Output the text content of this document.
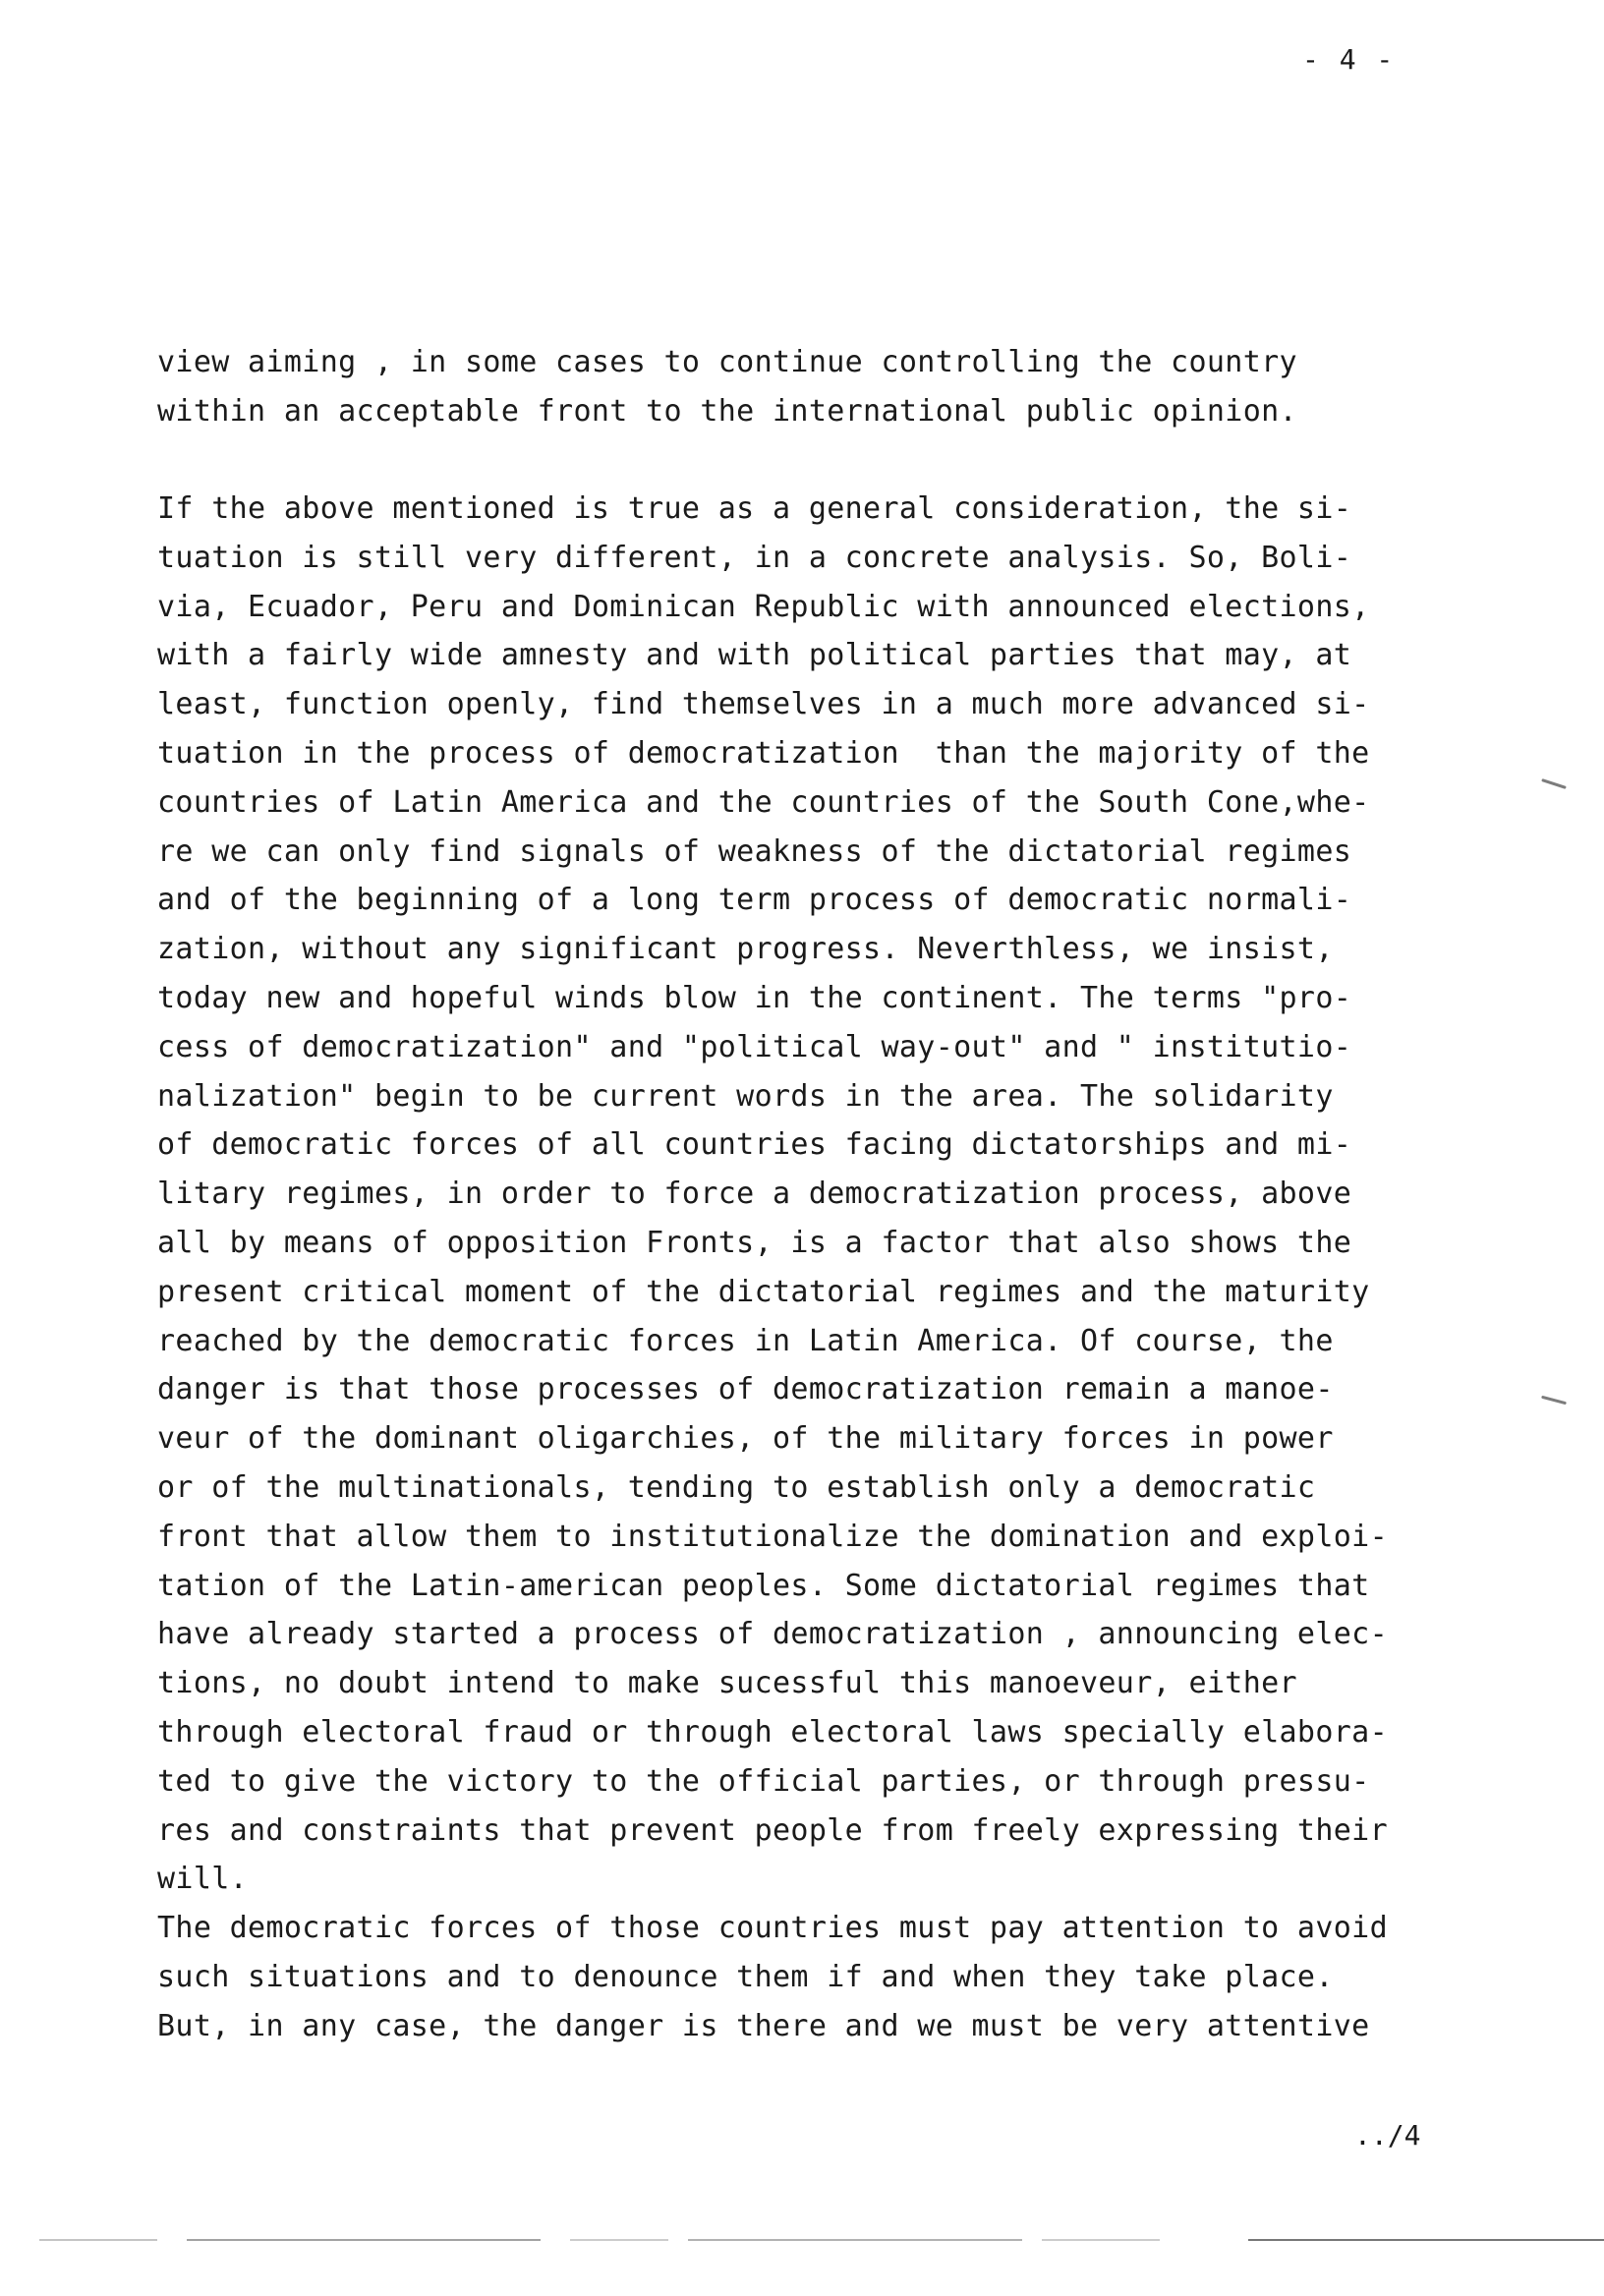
- 4 -
view aiming , in some cases to continue controlling the country
within an acceptable front to the international public opinion.
If the above mentioned is true as a general consideration, the si-
tuation is still very different, in a concrete analysis. So, Boli-
via, Ecuador, Peru and Dominican Republic with announced elections,
with a fairly wide amnesty and with political parties that may, at
least, function openly, find themselves in a much more advanced si-
tuation in the process of democratization  than the majority of the
countries of Latin America and the countries of the South Cone,whe-
re we can only find signals of weakness of the dictatorial regimes
and of the beginning of a long term process of democratic normali-
zation, without any significant progress. Neverthless, we insist,
today new and hopeful winds blow in the continent. The terms "pro-
cess of democratization" and "political way-out" and " institutio-
nalization" begin to be current words in the area. The solidarity
of democratic forces of all countries facing dictatorships and mi-
litary regimes, in order to force a democratization process, above
all by means of opposition Fronts, is a factor that also shows the
present critical moment of the dictatorial regimes and the maturity
reached by the democratic forces in Latin America. Of course, the
danger is that those processes of democratization remain a manoe-
veur of the dominant oligarchies, of the military forces in power
or of the multinationals, tending to establish only a democratic
front that allow them to institutionalize the domination and exploi-
tation of the Latin-american peoples. Some dictatorial regimes that
have already started a process of democratization , announcing elec-
tions, no doubt intend to make sucessful this manoeveur, either
through electoral fraud or through electoral laws specially elabora-
ted to give the victory to the official parties, or through pressu-
res and constraints that prevent people from freely expressing their
will.
The democratic forces of those countries must pay attention to avoid
such situations and to denounce them if and when they take place.
But, in any case, the danger is there and we must be very attentive
../4
